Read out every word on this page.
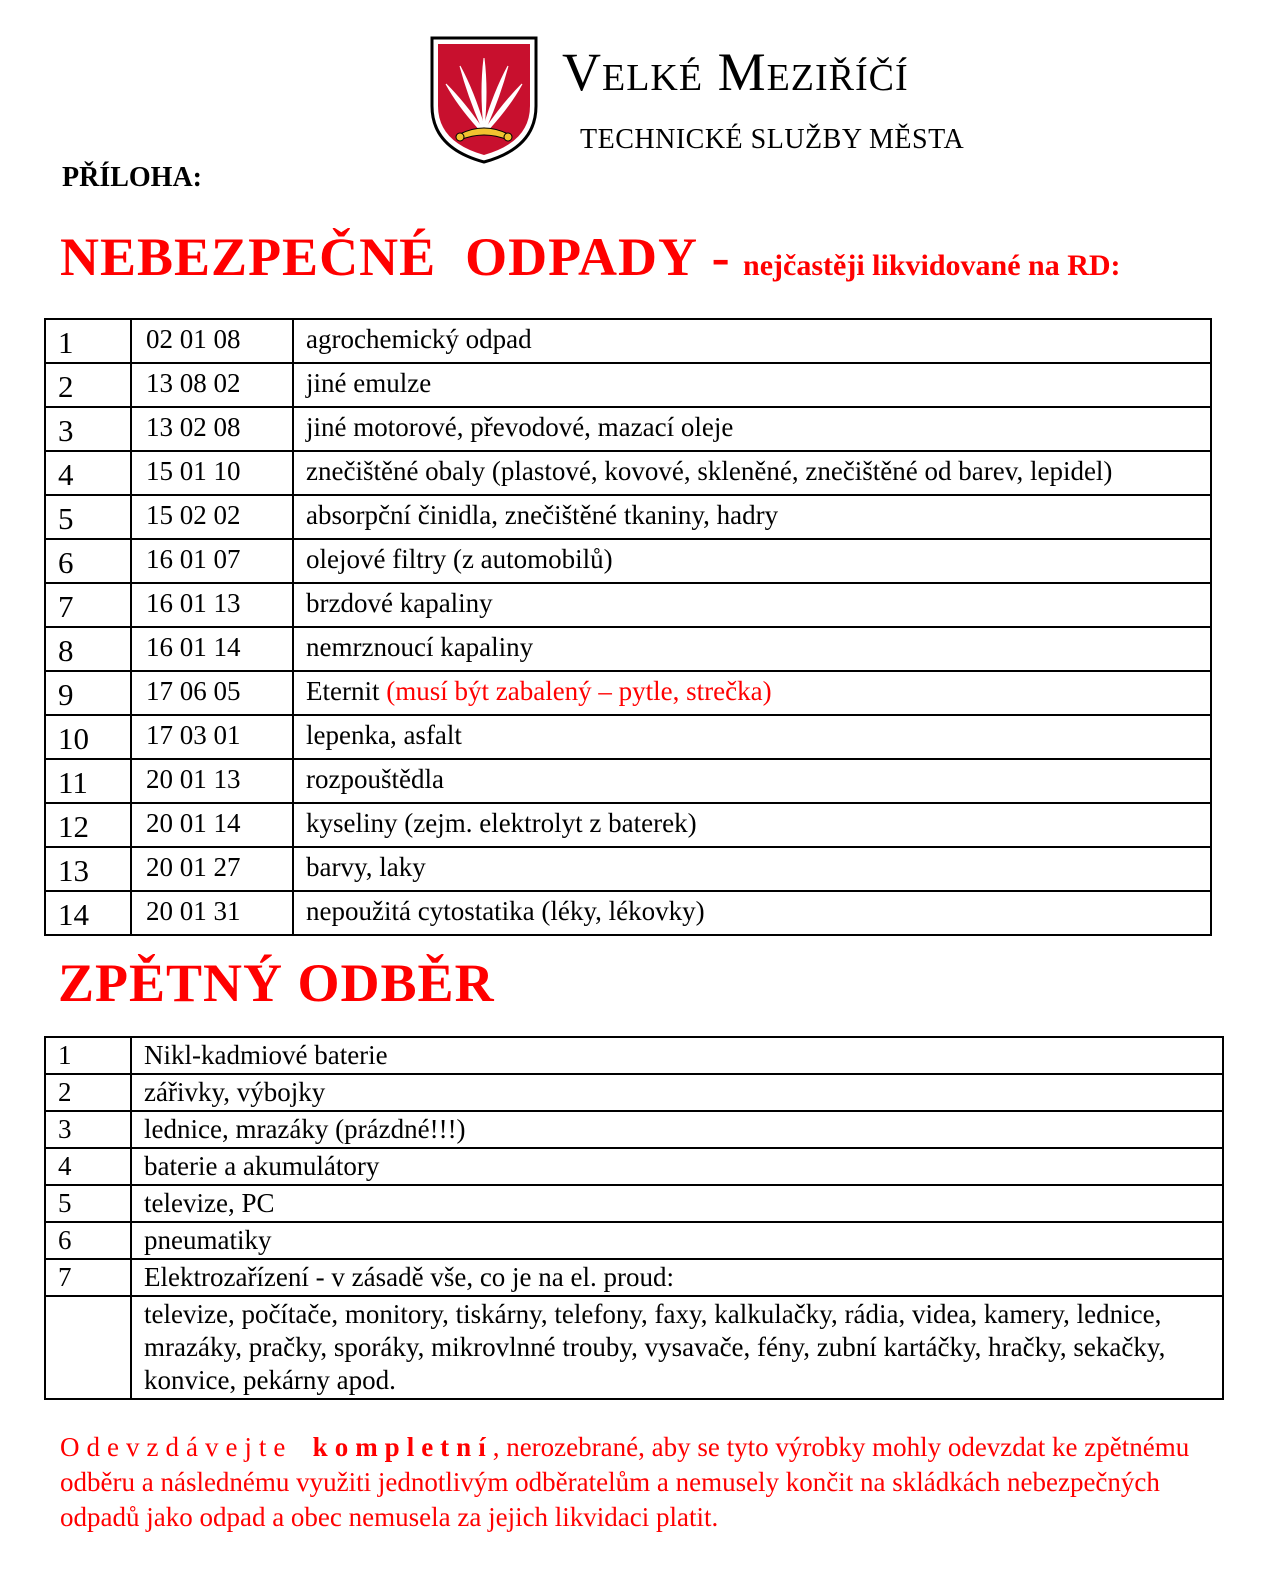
Velké Meziříčí
TECHNICKÉ SLUŽBY MĚSTA
PŘÍLOHA:
NEBEZPEČNÉ  ODPADY - nejčastěji likvidované na RD:
1	02 01 08	agrochemický odpad
2	13 08 02	jiné emulze
3	13 02 08	jiné motorové, převodové, mazací oleje
4	15 01 10	znečištěné obaly (plastové, kovové, skleněné, znečištěné od barev, lepidel)
5	15 02 02	absorpční činidla, znečištěné tkaniny, hadry
6	16 01 07	olejové filtry (z automobilů)
7	16 01 13	brzdové kapaliny
8	16 01 14	nemrznoucí kapaliny
9	17 06 05	Eternit (musí být zabalený – pytle, strečka)
10	17 03 01	lepenka, asfalt
11	20 01 13	rozpouštědla
12	20 01 14	kyseliny (zejm. elektrolyt z baterek)
13	20 01 27	barvy, laky
14	20 01 31	nepoužitá cytostatika (léky, lékovky)
ZPĚTNÝ ODBĚR
1	Nikl-kadmiové baterie
2	zářivky, výbojky
3	lednice, mrazáky (prázdné!!!)
4	baterie a akumulátory
5	televize, PC
6	pneumatiky
7	Elektrozařízení - v zásadě vše, co je na el. proud:
	televize, počítače, monitory, tiskárny, telefony, faxy, kalkulačky, rádia, videa, kamery, lednice, mrazáky, pračky, sporáky, mikrovlnné trouby, vysavače, fény, zubní kartáčky, hračky, sekačky, konvice, pekárny apod.
Odevzdávejte kompletní, nerozebrané, aby se tyto výrobky mohly odevzdat ke zpětnému odběru a následnému využiti jednotlivým odběratelům a nemusely končit na skládkách nebezpečných odpadů jako odpad a obec nemusela za jejich likvidaci platit.
